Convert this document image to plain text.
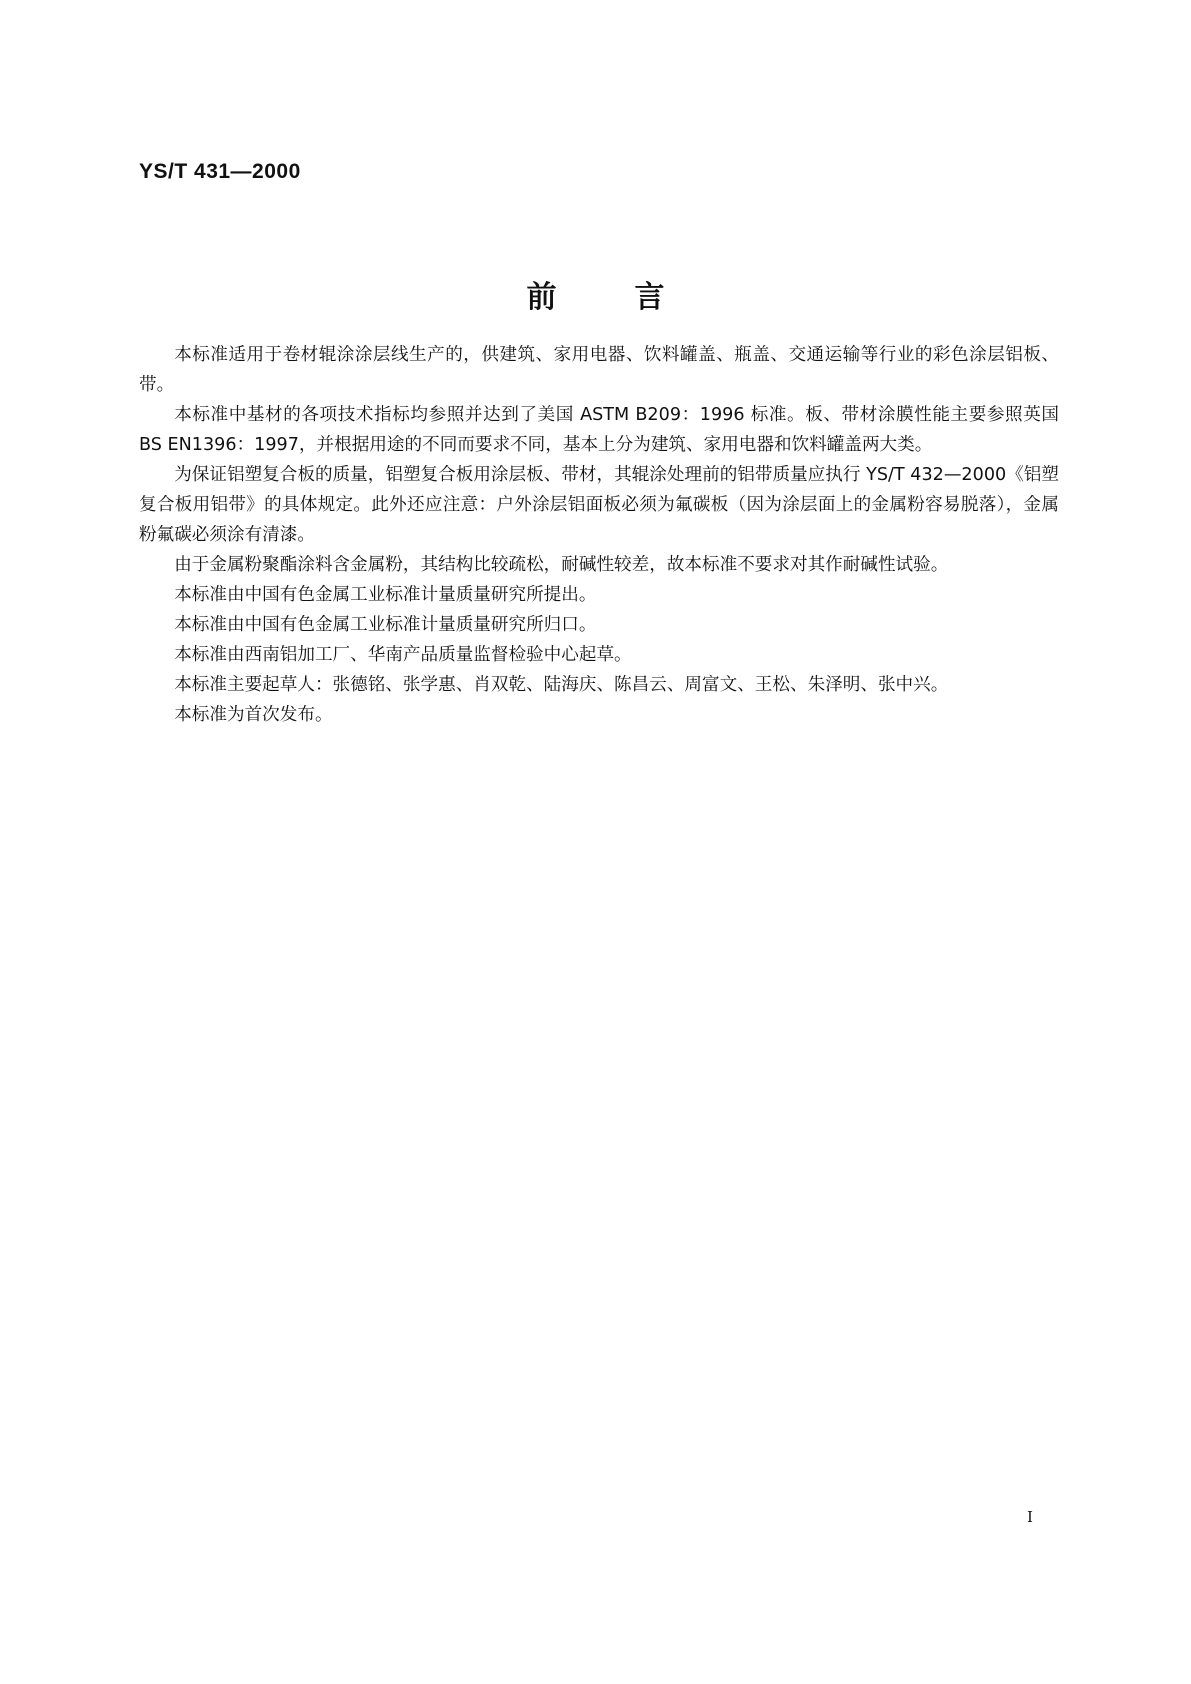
YS/T 431—2000
前言

本标准适用于卷材辊涂涂层线生产的，供建筑、家用电器、饮料罐盖、瓶盖、交通运输等行业的彩色涂层铝板、带。

本标准中基材的各项技术指标均参照并达到了美国 ASTM B209：1996 标准。板、带材涂膜性能主要参照英国 BS EN1396：1997，并根据用途的不同而要求不同，基本上分为建筑、家用电器和饮料罐盖两大类。

为保证铝塑复合板的质量，铝塑复合板用涂层板、带材，其辊涂处理前的铝带质量应执行 YS/T 432—2000《铝塑复合板用铝带》的具体规定。此外还应注意：户外涂层铝面板必须为氟碳板（因为涂层面上的金属粉容易脱落），金属粉氟碳必须涂有清漆。

由于金属粉聚酯涂料含金属粉，其结构比较疏松，耐碱性较差，故本标准不要求对其作耐碱性试验。

本标准由中国有色金属工业标准计量质量研究所提出。

本标准由中国有色金属工业标准计量质量研究所归口。

本标准由西南铝加工厂、华南产品质量监督检验中心起草。

本标准主要起草人：张德铭、张学惠、肖双乾、陆海庆、陈昌云、周富文、王松、朱泽明、张中兴。

本标准为首次发布。

I
